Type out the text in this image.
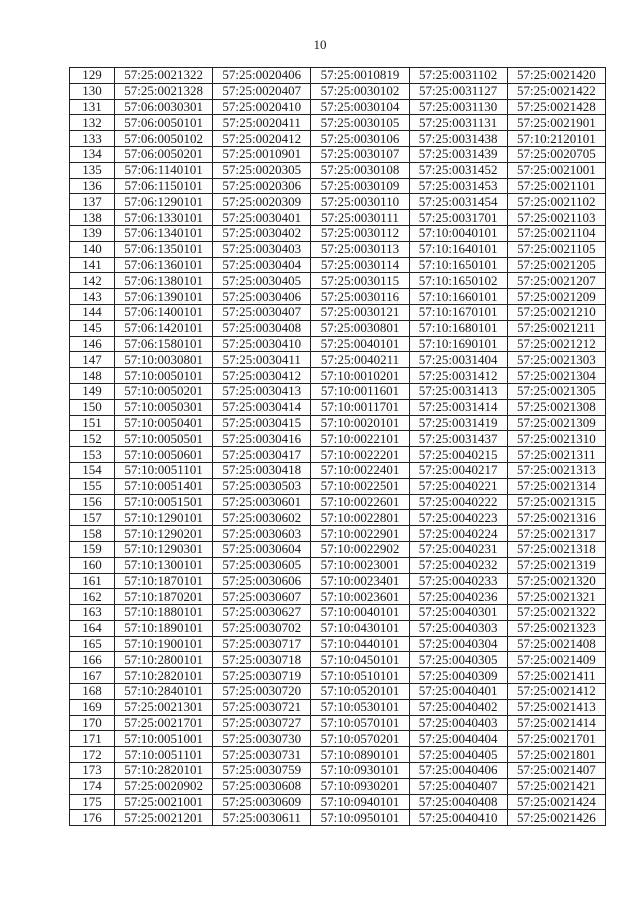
10
129	57:25:0021322	57:25:0020406	57:25:0010819	57:25:0031102	57:25:0021420
130	57:25:0021328	57:25:0020407	57:25:0030102	57:25:0031127	57:25:0021422
131	57:06:0030301	57:25:0020410	57:25:0030104	57:25:0031130	57:25:0021428
132	57:06:0050101	57:25:0020411	57:25:0030105	57:25:0031131	57:25:0021901
133	57:06:0050102	57:25:0020412	57:25:0030106	57:25:0031438	57:10:2120101
134	57:06:0050201	57:25:0010901	57:25:0030107	57:25:0031439	57:25:0020705
135	57:06:1140101	57:25:0020305	57:25:0030108	57:25:0031452	57:25:0021001
136	57:06:1150101	57:25:0020306	57:25:0030109	57:25:0031453	57:25:0021101
137	57:06:1290101	57:25:0020309	57:25:0030110	57:25:0031454	57:25:0021102
138	57:06:1330101	57:25:0030401	57:25:0030111	57:25:0031701	57:25:0021103
139	57:06:1340101	57:25:0030402	57:25:0030112	57:10:0040101	57:25:0021104
140	57:06:1350101	57:25:0030403	57:25:0030113	57:10:1640101	57:25:0021105
141	57:06:1360101	57:25:0030404	57:25:0030114	57:10:1650101	57:25:0021205
142	57:06:1380101	57:25:0030405	57:25:0030115	57:10:1650102	57:25:0021207
143	57:06:1390101	57:25:0030406	57:25:0030116	57:10:1660101	57:25:0021209
144	57:06:1400101	57:25:0030407	57:25:0030121	57:10:1670101	57:25:0021210
145	57:06:1420101	57:25:0030408	57:25:0030801	57:10:1680101	57:25:0021211
146	57:06:1580101	57:25:0030410	57:25:0040101	57:10:1690101	57:25:0021212
147	57:10:0030801	57:25:0030411	57:25:0040211	57:25:0031404	57:25:0021303
148	57:10:0050101	57:25:0030412	57:10:0010201	57:25:0031412	57:25:0021304
149	57:10:0050201	57:25:0030413	57:10:0011601	57:25:0031413	57:25:0021305
150	57:10:0050301	57:25:0030414	57:10:0011701	57:25:0031414	57:25:0021308
151	57:10:0050401	57:25:0030415	57:10:0020101	57:25:0031419	57:25:0021309
152	57:10:0050501	57:25:0030416	57:10:0022101	57:25:0031437	57:25:0021310
153	57:10:0050601	57:25:0030417	57:10:0022201	57:25:0040215	57:25:0021311
154	57:10:0051101	57:25:0030418	57:10:0022401	57:25:0040217	57:25:0021313
155	57:10:0051401	57:25:0030503	57:10:0022501	57:25:0040221	57:25:0021314
156	57:10:0051501	57:25:0030601	57:10:0022601	57:25:0040222	57:25:0021315
157	57:10:1290101	57:25:0030602	57:10:0022801	57:25:0040223	57:25:0021316
158	57:10:1290201	57:25:0030603	57:10:0022901	57:25:0040224	57:25:0021317
159	57:10:1290301	57:25:0030604	57:10:0022902	57:25:0040231	57:25:0021318
160	57:10:1300101	57:25:0030605	57:10:0023001	57:25:0040232	57:25:0021319
161	57:10:1870101	57:25:0030606	57:10:0023401	57:25:0040233	57:25:0021320
162	57:10:1870201	57:25:0030607	57:10:0023601	57:25:0040236	57:25:0021321
163	57:10:1880101	57:25:0030627	57:10:0040101	57:25:0040301	57:25:0021322
164	57:10:1890101	57:25:0030702	57:10:0430101	57:25:0040303	57:25:0021323
165	57:10:1900101	57:25:0030717	57:10:0440101	57:25:0040304	57:25:0021408
166	57:10:2800101	57:25:0030718	57:10:0450101	57:25:0040305	57:25:0021409
167	57:10:2820101	57:25:0030719	57:10:0510101	57:25:0040309	57:25:0021411
168	57:10:2840101	57:25:0030720	57:10:0520101	57:25:0040401	57:25:0021412
169	57:25:0021301	57:25:0030721	57:10:0530101	57:25:0040402	57:25:0021413
170	57:25:0021701	57:25:0030727	57:10:0570101	57:25:0040403	57:25:0021414
171	57:10:0051001	57:25:0030730	57:10:0570201	57:25:0040404	57:25:0021701
172	57:10:0051101	57:25:0030731	57:10:0890101	57:25:0040405	57:25:0021801
173	57:10:2820101	57:25:0030759	57:10:0930101	57:25:0040406	57:25:0021407
174	57:25:0020902	57:25:0030608	57:10:0930201	57:25:0040407	57:25:0021421
175	57:25:0021001	57:25:0030609	57:10:0940101	57:25:0040408	57:25:0021424
176	57:25:0021201	57:25:0030611	57:10:0950101	57:25:0040410	57:25:0021426
